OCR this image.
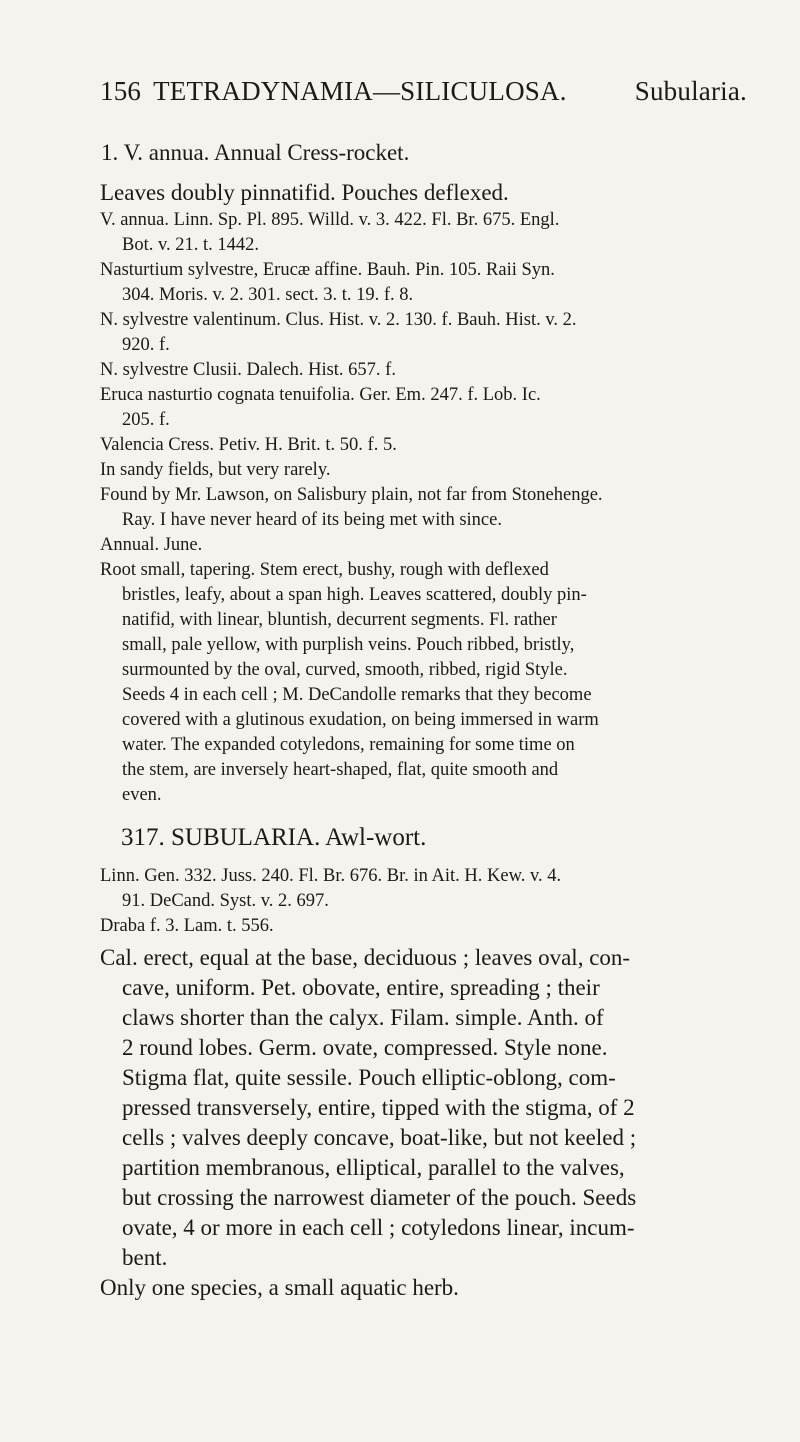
156 TETRADYNAMIA—SILICULOSA.	Subularia.
1. V. annua. Annual Cress-rocket.
Leaves doubly pinnatifid. Pouches deflexed.
V. annua. Linn. Sp. Pl. 895. Willd. v. 3. 422. Fl. Br. 675. Engl.
Bot. v. 21. t. 1442.
Nasturtium sylvestre, Erucæ affine. Bauh. Pin. 105. Raii Syn.
304. Moris. v. 2. 301. sect. 3. t. 19. f. 8.
N. sylvestre valentinum. Clus. Hist. v. 2. 130. f. Bauh. Hist. v. 2.
920. f.
N. sylvestre Clusii. Dalech. Hist. 657. f.
Eruca nasturtio cognata tenuifolia. Ger. Em. 247. f. Lob. Ic.
205. f.
Valencia Cress. Petiv. H. Brit. t. 50. f. 5.
In sandy fields, but very rarely.
Found by Mr. Lawson, on Salisbury plain, not far from Stonehenge.
Ray. I have never heard of its being met with since.
Annual. June.
Root small, tapering. Stem erect, bushy, rough with deflexed
bristles, leafy, about a span high. Leaves scattered, doubly pin-
natifid, with linear, bluntish, decurrent segments. Fl. rather
small, pale yellow, with purplish veins. Pouch ribbed, bristly,
surmounted by the oval, curved, smooth, ribbed, rigid Style.
Seeds 4 in each cell ; M. DeCandolle remarks that they become
covered with a glutinous exudation, on being immersed in warm
water. The expanded cotyledons, remaining for some time on
the stem, are inversely heart-shaped, flat, quite smooth and
even.
317. SUBULARIA. Awl-wort.
Linn. Gen. 332. Juss. 240. Fl. Br. 676. Br. in Ait. H. Kew. v. 4.
91. DeCand. Syst. v. 2. 697.
Draba f. 3. Lam. t. 556.
Cal. erect, equal at the base, deciduous ; leaves oval, con-
cave, uniform. Pet. obovate, entire, spreading ; their
claws shorter than the calyx. Filam. simple. Anth. of
2 round lobes. Germ. ovate, compressed. Style none.
Stigma flat, quite sessile. Pouch elliptic-oblong, com-
pressed transversely, entire, tipped with the stigma, of 2
cells ; valves deeply concave, boat-like, but not keeled ;
partition membranous, elliptical, parallel to the valves,
but crossing the narrowest diameter of the pouch. Seeds
ovate, 4 or more in each cell ; cotyledons linear, incum-
bent.
Only one species, a small aquatic herb.
